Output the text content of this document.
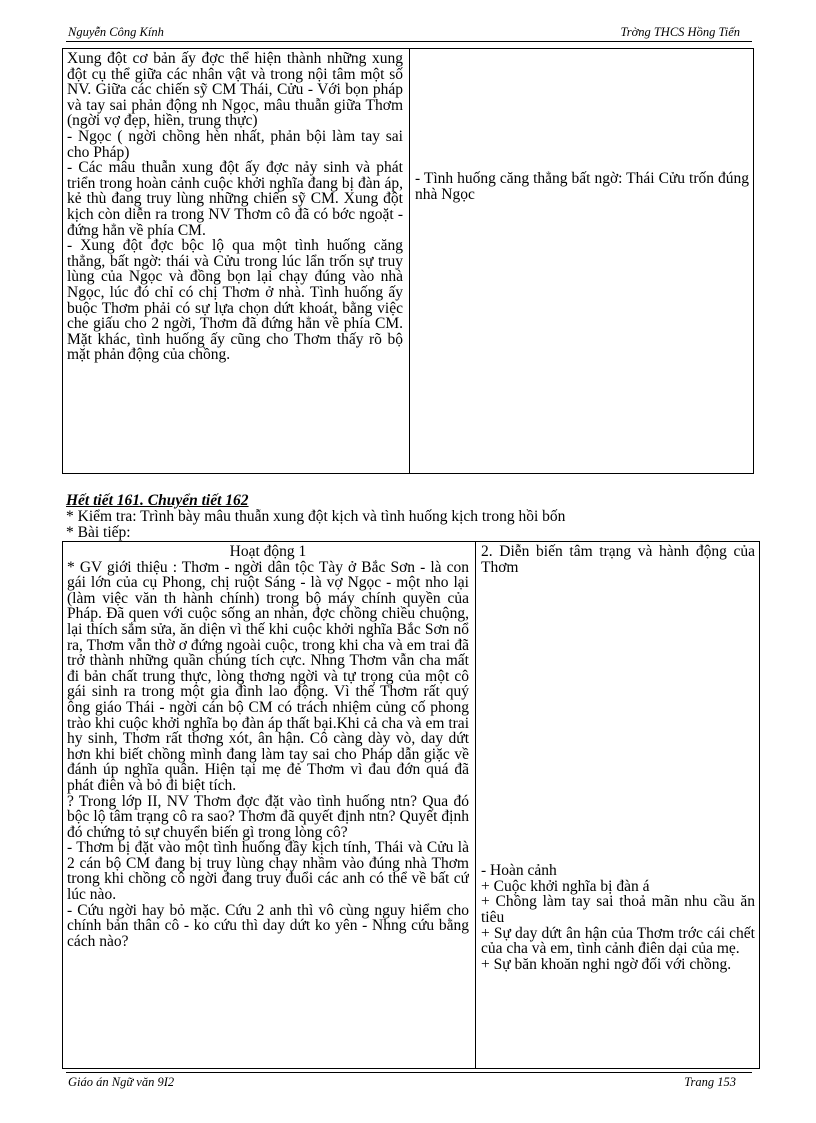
Nguyễn Công Kính	Trờng THCS Hồng Tiến

Xung đột cơ bản ấy đợc thể hiện thành những xung đột cụ thể giữa các nhân vật và trong nội tâm một số NV. Giữa các chiến sỹ CM Thái, Cửu - Với bọn pháp và tay sai phản động nh Ngọc, mâu thuẫn giữa Thơm (ngời vợ đẹp, hiền, trung thực)

- Ngọc ( ngời chồng hèn nhất, phản bội làm tay sai cho Pháp)

- Các mâu thuẫn xung đột ấy đợc nảy sinh và phát triển trong hoàn cảnh cuộc khởi nghĩa đang bị đàn áp, kẻ thù đang truy lùng những chiến sỹ CM. Xung đột kịch còn diễn ra trong NV Thơm cô đã có bớc ngoặt - đứng hẳn về phía CM.

- Xung đột đợc bộc lộ qua một tình huống căng thẳng, bất ngờ: thái và Cửu trong lúc lẩn trốn sự truy lùng của Ngọc và đồng bọn lại chạy đúng vào nhà Ngọc, lúc đó chỉ có chị Thơm ở nhà. Tình huống ấy buộc Thơm phải có sự lựa chọn dứt khoát, bằng việc che giấu cho 2 ngời, Thơm đã đứng hẳn về phía CM. Mặt khác, tình huống ấy cũng cho Thơm thấy rõ bộ mặt phản động của chồng.

- Tình huống căng thẳng bất ngờ: Thái Cửu trốn đúng nhà Ngọc

Hết tiết 161. Chuyển tiết 162
* Kiểm tra: Trình bày mâu thuẫn xung đột kịch và tình huống kịch trong hồi bốn
* Bài tiếp:

Hoạt động 1

* GV giới thiệu : Thơm - ngời dân tộc Tày ở Bắc Sơn - là con gái lớn của cụ Phong, chị ruột Sáng - là vợ Ngọc - một nho lại (làm việc văn th hành chính) trong bộ máy chính quyền của Pháp. Đã quen với cuộc sống an nhàn, đợc chồng chiều chuộng, lại thích sắm sửa, ăn diện vì thế khi cuộc khởi nghĩa Bắc Sơn nổ ra, Thơm vẫn thờ ơ đứng ngoài cuộc, trong khi cha và em trai đã trở thành những quần chúng tích cực. Nhng Thơm vẫn cha mất đi bản chất trung thực, lòng thơng ngời và tự trọng của một cô gái sinh ra trong một gia đình lao động. Vì thế Thơm rất quý ông giáo Thái - ngời cán bộ CM có trách nhiệm củng cố phong trào khi cuộc khởi nghĩa bọ đàn áp thất bại.Khi cả cha và em trai hy sinh, Thơm rất thơng xót, ân hận. Cô càng dày vò, day dứt hơn khi biết chồng mình đang làm tay sai cho Pháp dẫn giặc về đánh úp nghĩa quân. Hiện tại mẹ đẻ Thơm vì đau đớn quá đã phát điên và bỏ đi biệt tích.

? Trong lớp II, NV Thơm đợc đặt vào tình huống ntn? Qua đó bộc lộ tâm trạng cô ra sao? Thơm đã quyết định ntn? Quyết định đó chứng tỏ sự chuyển biến gì trong lòng cô?

- Thơm bị đặt vào một tình huống đầy kịch tính, Thái và Cửu là 2 cán bộ CM đang bị truy lùng chạy nhầm vào đúng nhà Thơm trong khi chồng cô ngời đang truy đuổi các anh có thể về bất cứ lúc nào.

- Cứu ngời hay bỏ mặc. Cứu 2 anh thì vô cùng nguy hiểm cho chính bản thân cô - ko cứu thì day dứt ko yên - Nhng cứu bằng cách nào?

2. Diễn biến tâm trạng và hành động của Thơm

- Hoàn cảnh

+ Cuộc khởi nghĩa bị đàn á

+ Chồng làm tay sai thoả mãn nhu cầu ăn tiêu

+ Sự day dứt ân hận của Thơm trớc cái chết của cha và em, tình cảnh điên dại của mẹ.

+ Sự băn khoăn nghi ngờ đối với chồng.

Giáo án Ngữ văn 9I2	Trang 153
